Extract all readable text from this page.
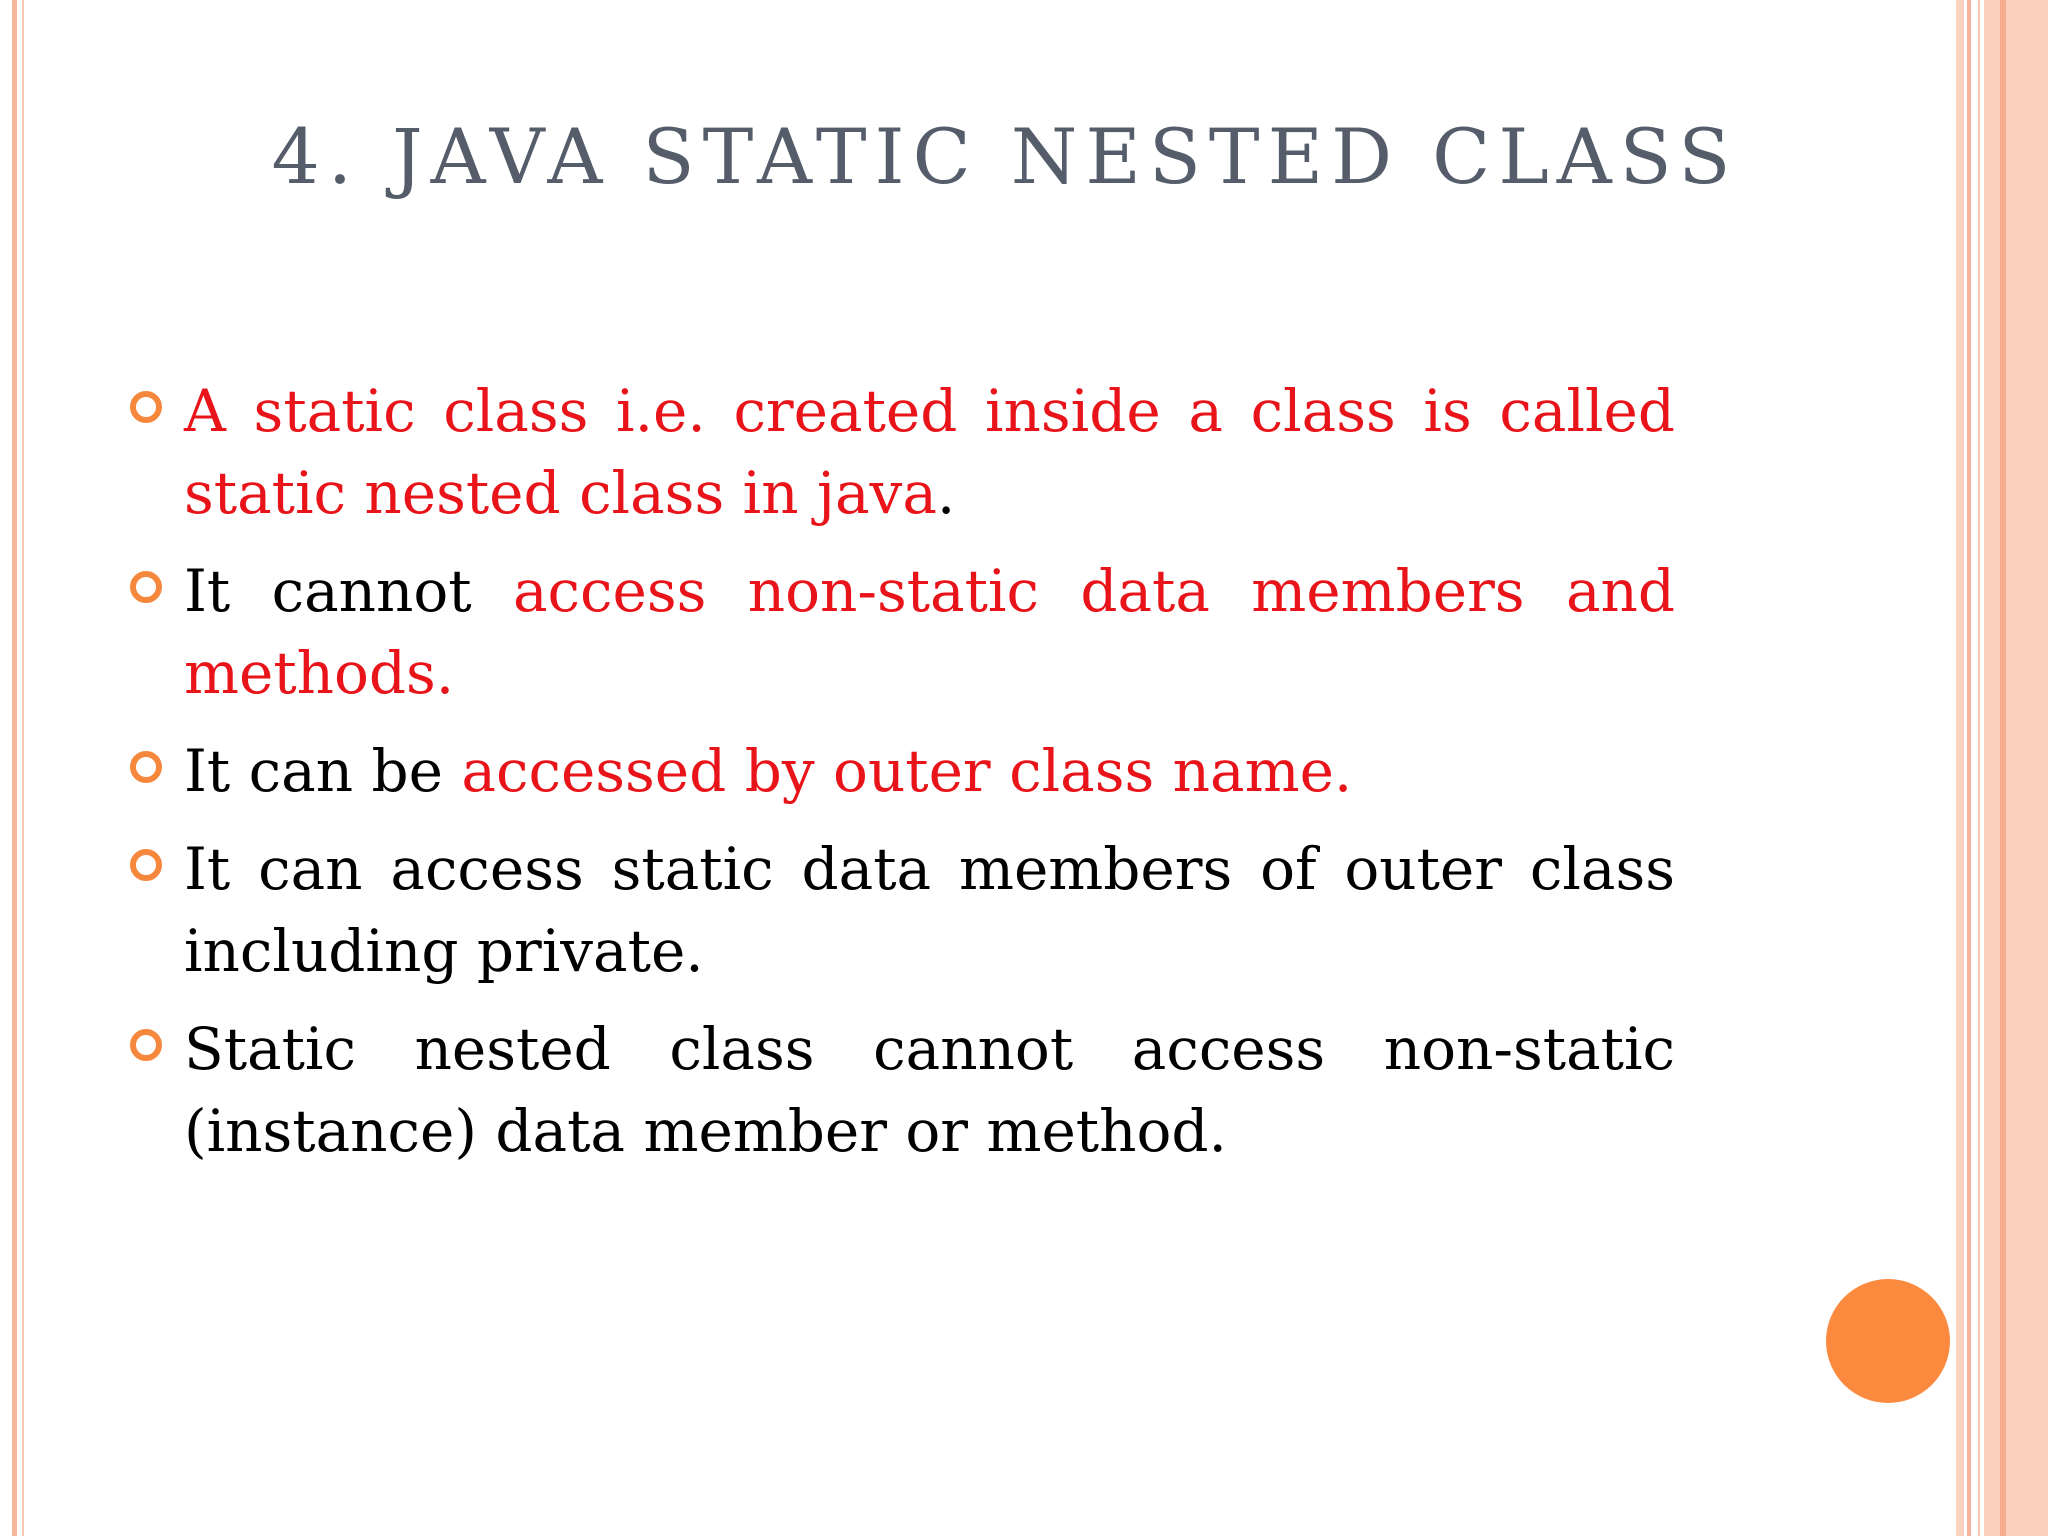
4. JAVA STATIC NESTED CLASS
A static class i.e. created inside a class is called static nested class in java.
It cannot access non-static data members and methods.
It can be accessed by outer class name.
It can access static data members of outer class including private.
Static nested class cannot access non-static (instance) data member or method.
